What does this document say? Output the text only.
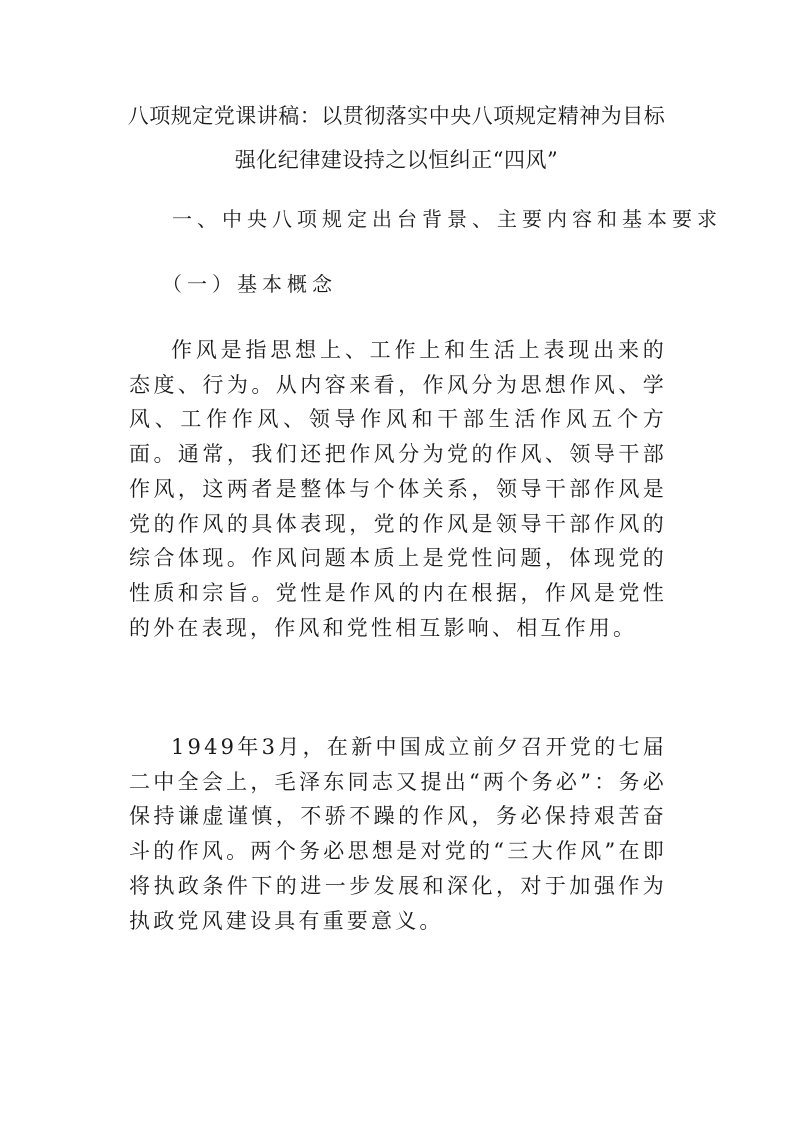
八项规定党课讲稿：以贯彻落实中央八项规定精神为目标
强化纪律建设持之以恒纠正“四风”
一、中央八项规定出台背景、主要内容和基本要求
（一）基本概念

作风是指思想上、工作上和生活上表现出来的态度、行为。从内容来看，作风分为思想作风、学风、工作作风、领导作风和干部生活作风五个方面。通常，我们还把作风分为党的作风、领导干部作风，这两者是整体与个体关系，领导干部作风是党的作风的具体表现，党的作风是领导干部作风的综合体现。作风问题本质上是党性问题，体现党的性质和宗旨。党性是作风的内在根据，作风是党性的外在表现，作风和党性相互影响、相互作用。

1949年3月，在新中国成立前夕召开党的七届二中全会上，毛泽东同志又提出“两个务必”：务必保持谦虚谨慎，不骄不躁的作风，务必保持艰苦奋斗的作风。两个务必思想是对党的“三大作风”在即将执政条件下的进一步发展和深化，对于加强作为执政党风建设具有重要意义。
